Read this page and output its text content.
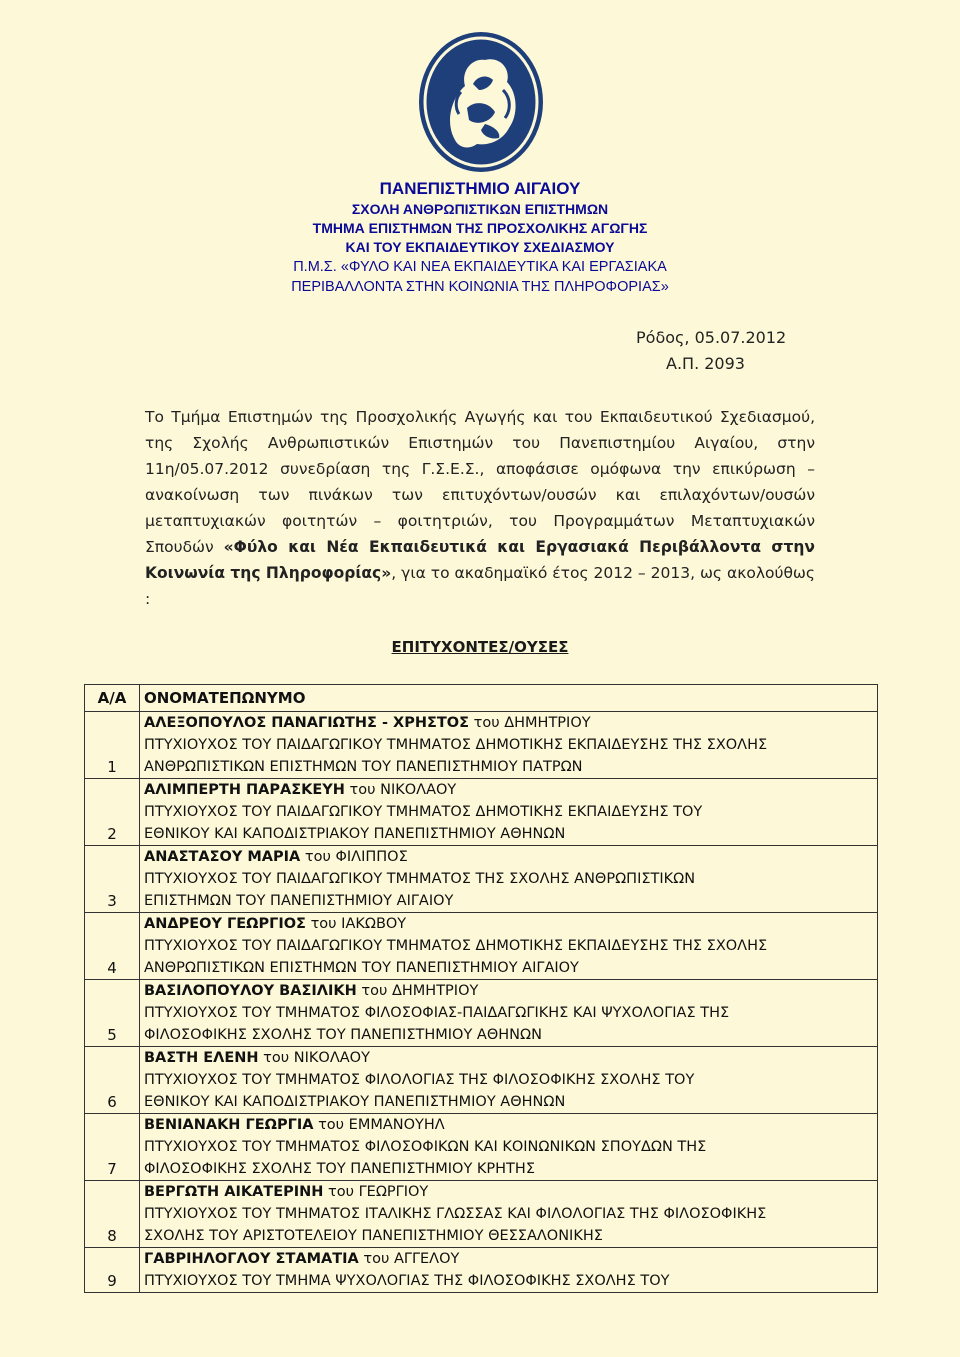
ΠΑΝΕΠΙΣΤΗΜΙΟ ΑΙΓΑΙΟΥ
ΣΧΟΛΗ ΑΝΘΡΩΠΙΣΤΙΚΩΝ ΕΠΙΣΤΗΜΩΝ
ΤΜΗΜΑ ΕΠΙΣΤΗΜΩΝ ΤΗΣ ΠΡΟΣΧΟΛΙΚΗΣ ΑΓΩΓΗΣ
ΚΑΙ ΤΟΥ ΕΚΠΑΙΔΕΥΤΙΚΟΥ ΣΧΕΔΙΑΣΜΟΥ
Π.Μ.Σ. «ΦΥΛΟ ΚΑΙ ΝΕΑ ΕΚΠΑΙΔΕΥΤΙΚΑ ΚΑΙ ΕΡΓΑΣΙΑΚΑ
ΠΕΡΙΒΑΛΛΟΝΤΑ ΣΤΗΝ ΚΟΙΝΩΝΙΑ ΤΗΣ ΠΛΗΡΟΦΟΡΙΑΣ»
Ρόδος, 05.07.2012
Α.Π. 2093
Το Τμήμα Επιστημών της Προσχολικής Αγωγής και του Εκπαιδευτικού Σχεδιασμού, της Σχολής Ανθρωπιστικών Επιστημών του Πανεπιστημίου Αιγαίου, στην 11η/05.07.2012 συνεδρίαση της Γ.Σ.Ε.Σ., αποφάσισε ομόφωνα την επικύρωση – ανακοίνωση των πινάκων των επιτυχόντων/ουσών και επιλαχόντων/ουσών μεταπτυχιακών φοιτητών – φοιτητριών, του Προγραμμάτων Μεταπτυχιακών Σπουδών «Φύλο και Νέα Εκπαιδευτικά και Εργασιακά Περιβάλλοντα στην Κοινωνία της Πληροφορίας», για το ακαδημαϊκό έτος 2012 – 2013, ως ακολούθως :
ΕΠΙΤΥΧΟΝΤΕΣ/ΟΥΣΕΣ
Α/Α	ΟΝΟΜΑΤΕΠΩΝΥΜΟ
1	ΑΛΕΞΟΠΟΥΛΟΣ ΠΑΝΑΓΙΩΤΗΣ - ΧΡΗΣΤΟΣ του ΔΗΜΗΤΡΙΟΥ
ΠΤΥΧΙΟΥΧΟΣ ΤΟΥ ΠΑΙΔΑΓΩΓΙΚΟΥ ΤΜΗΜΑΤΟΣ ΔΗΜΟΤΙΚΗΣ ΕΚΠΑΙΔΕΥΣΗΣ ΤΗΣ ΣΧΟΛΗΣ
ΑΝΘΡΩΠΙΣΤΙΚΩΝ ΕΠΙΣΤΗΜΩΝ ΤΟΥ ΠΑΝΕΠΙΣΤΗΜΙΟΥ ΠΑΤΡΩΝ

2	ΑΛΙΜΠΕΡΤΗ ΠΑΡΑΣΚΕΥΗ του ΝΙΚΟΛΑΟΥ
ΠΤΥΧΙΟΥΧΟΣ ΤΟΥ ΠΑΙΔΑΓΩΓΙΚΟΥ ΤΜΗΜΑΤΟΣ ΔΗΜΟΤΙΚΗΣ ΕΚΠΑΙΔΕΥΣΗΣ ΤΟΥ
ΕΘΝΙΚΟΥ ΚΑΙ ΚΑΠΟΔΙΣΤΡΙΑΚΟΥ ΠΑΝΕΠΙΣΤΗΜΙΟΥ ΑΘΗΝΩΝ

3	ΑΝΑΣΤΑΣΟΥ ΜΑΡΙΑ του ΦΙΛΙΠΠΟΣ
ΠΤΥΧΙΟΥΧΟΣ ΤΟΥ ΠΑΙΔΑΓΩΓΙΚΟΥ ΤΜΗΜΑΤΟΣ ΤΗΣ ΣΧΟΛΗΣ ΑΝΘΡΩΠΙΣΤΙΚΩΝ
ΕΠΙΣΤΗΜΩΝ ΤΟΥ ΠΑΝΕΠΙΣΤΗΜΙΟΥ ΑΙΓΑΙΟΥ

4	ΑΝΔΡΕΟΥ ΓΕΩΡΓΙΟΣ του ΙΑΚΩΒΟΥ
ΠΤΥΧΙΟΥΧΟΣ ΤΟΥ ΠΑΙΔΑΓΩΓΙΚΟΥ ΤΜΗΜΑΤΟΣ ΔΗΜΟΤΙΚΗΣ ΕΚΠΑΙΔΕΥΣΗΣ ΤΗΣ ΣΧΟΛΗΣ
ΑΝΘΡΩΠΙΣΤΙΚΩΝ ΕΠΙΣΤΗΜΩΝ ΤΟΥ ΠΑΝΕΠΙΣΤΗΜΙΟΥ ΑΙΓΑΙΟΥ

5	ΒΑΣΙΛΟΠΟΥΛΟΥ ΒΑΣΙΛΙΚΗ του ΔΗΜΗΤΡΙΟΥ
ΠΤΥΧΙΟΥΧΟΣ ΤΟΥ ΤΜΗΜΑΤΟΣ ΦΙΛΟΣΟΦΙΑΣ-ΠΑΙΔΑΓΩΓΙΚΗΣ ΚΑΙ ΨΥΧΟΛΟΓΙΑΣ ΤΗΣ
ΦΙΛΟΣΟΦΙΚΗΣ ΣΧΟΛΗΣ ΤΟΥ ΠΑΝΕΠΙΣΤΗΜΙΟΥ ΑΘΗΝΩΝ

6	ΒΑΣΤΗ ΕΛΕΝΗ του ΝΙΚΟΛΑΟΥ
ΠΤΥΧΙΟΥΧΟΣ ΤΟΥ ΤΜΗΜΑΤΟΣ ΦΙΛΟΛΟΓΙΑΣ ΤΗΣ ΦΙΛΟΣΟΦΙΚΗΣ ΣΧΟΛΗΣ ΤΟΥ
ΕΘΝΙΚΟΥ ΚΑΙ ΚΑΠΟΔΙΣΤΡΙΑΚΟΥ ΠΑΝΕΠΙΣΤΗΜΙΟΥ ΑΘΗΝΩΝ

7	ΒΕΝΙΑΝΑΚΗ ΓΕΩΡΓΙΑ του ΕΜΜΑΝΟΥΗΛ
ΠΤΥΧΙΟΥΧΟΣ ΤΟΥ ΤΜΗΜΑΤΟΣ ΦΙΛΟΣΟΦΙΚΩΝ ΚΑΙ ΚΟΙΝΩΝΙΚΩΝ ΣΠΟΥΔΩΝ ΤΗΣ
ΦΙΛΟΣΟΦΙΚΗΣ ΣΧΟΛΗΣ ΤΟΥ ΠΑΝΕΠΙΣΤΗΜΙΟΥ ΚΡΗΤΗΣ

8	ΒΕΡΓΩΤΗ ΑΙΚΑΤΕΡΙΝΗ του ΓΕΩΡΓΙΟΥ
ΠΤΥΧΙΟΥΧΟΣ ΤΟΥ ΤΜΗΜΑΤΟΣ ΙΤΑΛΙΚΗΣ ΓΛΩΣΣΑΣ ΚΑΙ ΦΙΛΟΛΟΓΙΑΣ ΤΗΣ ΦΙΛΟΣΟΦΙΚΗΣ
ΣΧΟΛΗΣ ΤΟΥ ΑΡΙΣΤΟΤΕΛΕΙΟΥ ΠΑΝΕΠΙΣΤΗΜΙΟΥ ΘΕΣΣΑΛΟΝΙΚΗΣ

9	ΓΑΒΡΙΗΛΟΓΛΟΥ ΣΤΑΜΑΤΙΑ του ΑΓΓΕΛΟΥ
ΠΤΥΧΙΟΥΧΟΣ ΤΟΥ ΤΜΗΜΑ ΨΥΧΟΛΟΓΙΑΣ ΤΗΣ ΦΙΛΟΣΟΦΙΚΗΣ ΣΧΟΛΗΣ ΤΟΥ
